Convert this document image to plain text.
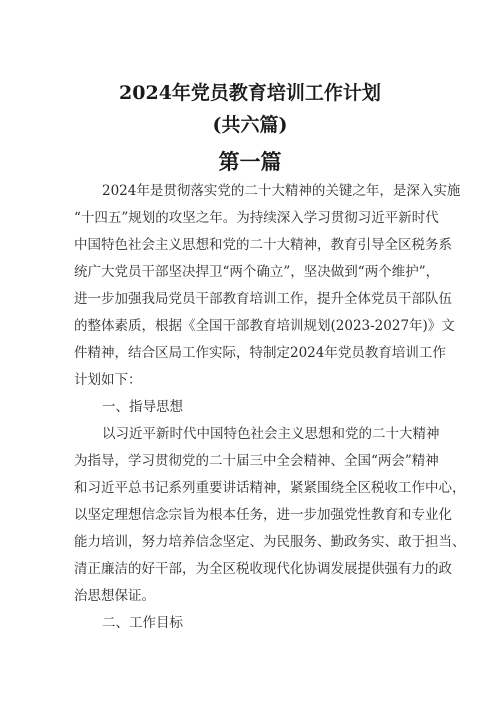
2024年党员教育培训工作计划
(共六篇)
第一篇
2024年是贯彻落实党的二十大精神的关键之年，是深入实施
“十四五”规划的攻坚之年。为持续深入学习贯彻习近平新时代
中国特色社会主义思想和党的二十大精神，教育引导全区税务系
统广大党员干部坚决捍卫“两个确立”，坚决做到“两个维护”，
进一步加强我局党员干部教育培训工作，提升全体党员干部队伍
的整体素质，根据《全国干部教育培训规划(2023-2027年)》文
件精神，结合区局工作实际，特制定2024年党员教育培训工作
计划如下：
一、指导思想
以习近平新时代中国特色社会主义思想和党的二十大精神
为指导，学习贯彻党的二十届三中全会精神、全国“两会”精神
和习近平总书记系列重要讲话精神，紧紧围绕全区税收工作中心，
以坚定理想信念宗旨为根本任务，进一步加强党性教育和专业化
能力培训，努力培养信念坚定、为民服务、勤政务实、敢于担当、
清正廉洁的好干部，为全区税收现代化协调发展提供强有力的政
治思想保证。
二、工作目标
